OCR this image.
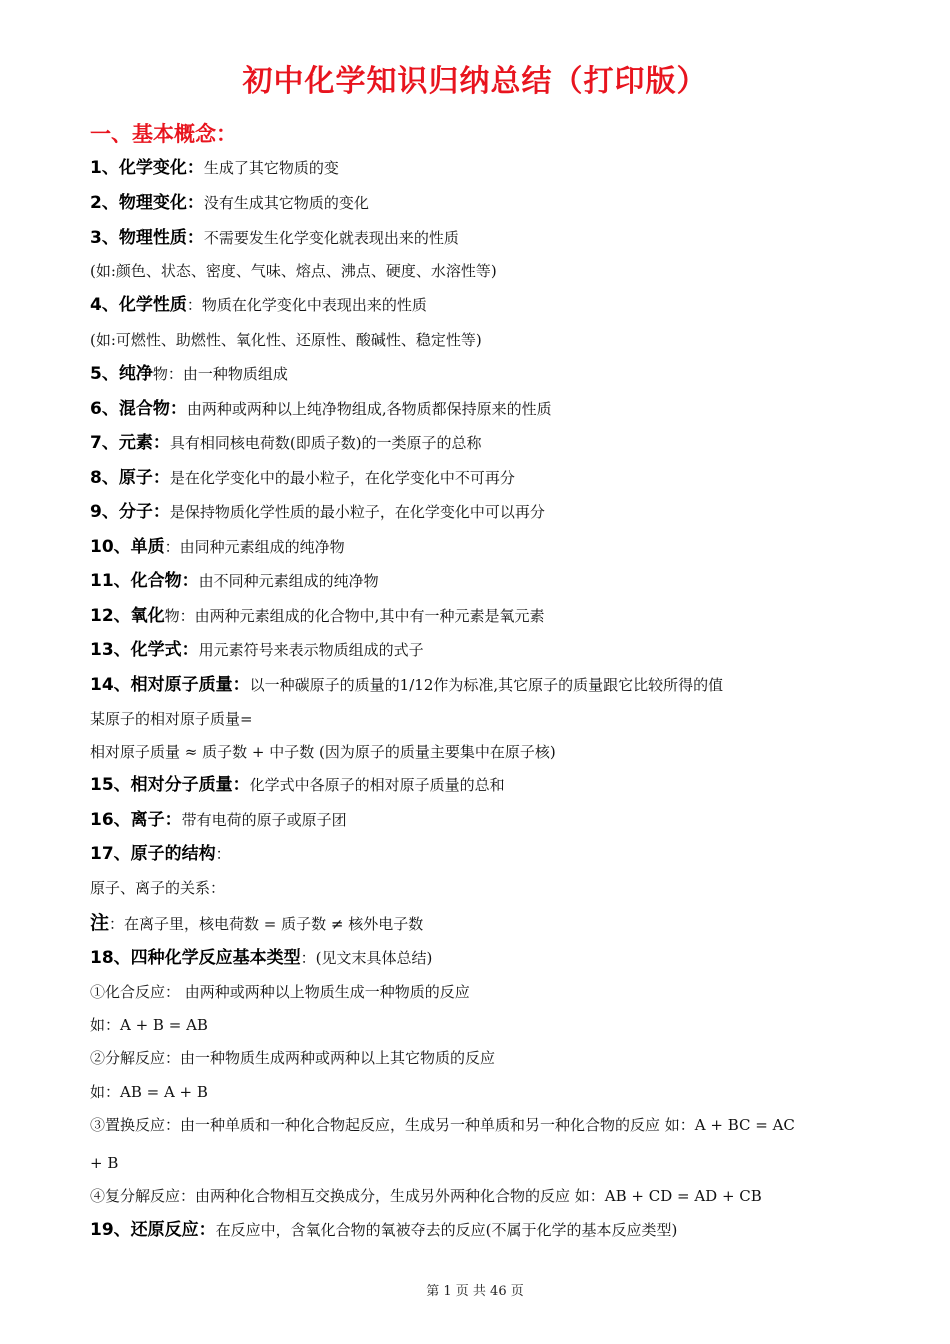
初中化学知识归纳总结（打印版）
一、基本概念：
1、化学变化：生成了其它物质的变
2、物理变化：没有生成其它物质的变化
3、物理性质：不需要发生化学变化就表现出来的性质
(如:颜色、状态、密度、气味、熔点、沸点、硬度、水溶性等)
4、化学性质：物质在化学变化中表现出来的性质
(如:可燃性、助燃性、氧化性、还原性、酸碱性、稳定性等)
5、纯净物：由一种物质组成
6、混合物：由两种或两种以上纯净物组成,各物质都保持原来的性质
7、元素：具有相同核电荷数(即质子数)的一类原子的总称
8、原子：是在化学变化中的最小粒子，在化学变化中不可再分
9、分子：是保持物质化学性质的最小粒子，在化学变化中可以再分
10、单质：由同种元素组成的纯净物
11、化合物：由不同种元素组成的纯净物
12、氧化物：由两种元素组成的化合物中,其中有一种元素是氧元素
13、化学式：用元素符号来表示物质组成的式子
14、相对原子质量：以一种碳原子的质量的1/12作为标准,其它原子的质量跟它比较所得的值
某原子的相对原子质量=
相对原子质量 ≈ 质子数 + 中子数 (因为原子的质量主要集中在原子核)
15、相对分子质量：化学式中各原子的相对原子质量的总和
16、离子：带有电荷的原子或原子团
17、原子的结构：
原子、离子的关系：
注：在离子里，核电荷数 = 质子数 ≠ 核外电子数
18、四种化学反应基本类型：(见文末具体总结)
①化合反应： 由两种或两种以上物质生成一种物质的反应
如：A + B = AB
②分解反应：由一种物质生成两种或两种以上其它物质的反应
如：AB = A + B
③置换反应：由一种单质和一种化合物起反应，生成另一种单质和另一种化合物的反应 如：A + BC = AC
+ B
④复分解反应：由两种化合物相互交换成分，生成另外两种化合物的反应 如：AB + CD = AD + CB
19、还原反应：在反应中，含氧化合物的氧被夺去的反应(不属于化学的基本反应类型)
第 1 页 共 46 页
